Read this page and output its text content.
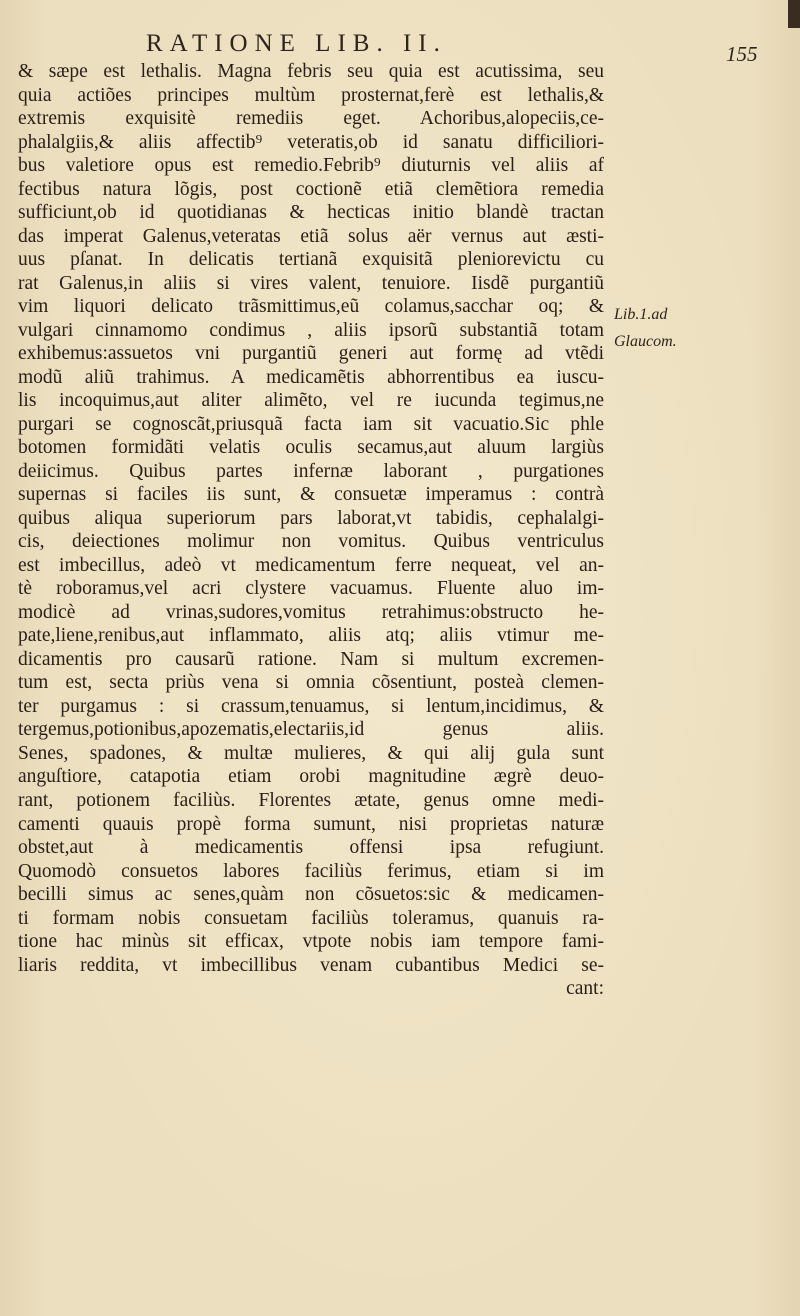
RATIONE LIB. II.	155
& sæpe est lethalis. Magna febris seu quia est acutissima, seu
quia actiões principes multùm prosternat,ferè est lethalis,&
extremis exquisitè remediis eget. Achoribus,alopeciis,ce-
phalalgiis,& aliis affectib⁹ veteratis,ob id sanatu difficiliori-
bus valetiore opus est remedio.Febrib⁹ diuturnis vel aliis af
fectibus natura lõgis, post coctionẽ etiã clemẽtiora remedia
sufficiunt,ob id quotidianas & hecticas initio blandè tractan
das imperat Galenus,veteratas etiã solus aër vernus aut æsti-
uus pſanat. In delicatis tertianã exquisitã pleniorevictu cu
rat Galenus,in aliis si vires valent, tenuiore. Iisdẽ purgantiũ
vim liquori delicato trãsmittimus,eũ colamus,sacchar oq; &
vulgari cinnamomo condimus , aliis ipsorũ substantiã totam
exhibemus:assuetos vni purgantiũ generi aut formę ad vtẽdi
modũ aliũ trahimus. A medicamẽtis abhorrentibus ea iuscu-
lis incoquimus,aut aliter alimẽto, vel re iucunda tegimus,ne
purgari se cognoscãt,priusquã facta iam sit vacuatio.Sic phle
botomen formidãti velatis oculis secamus,aut aluum largiùs
deiicimus. Quibus partes infernæ laborant , purgationes
supernas si faciles iis sunt, & consuetæ imperamus : contrà
quibus aliqua superiorum pars laborat,vt tabidis, cephalalgi-
cis, deiectiones molimur non vomitus. Quibus ventriculus
est imbecillus, adeò vt medicamentum ferre nequeat, vel an-
tè roboramus,vel acri clystere vacuamus. Fluente aluo im-
modicè ad vrinas,sudores,vomitus retrahimus:obstructo he-
pate,liene,renibus,aut inflammato, aliis atq; aliis vtimur me-
dicamentis pro causarũ ratione. Nam si multum excremen-
tum est, secta priùs vena si omnia cõsentiunt, posteà clemen-
ter purgamus : si crassum,tenuamus, si lentum,incidimus, &
tergemus,potionibus,apozematis,electariis,id genus aliis.
Senes, spadones, & multæ mulieres, & qui alij gula sunt
anguſtiore, catapotia etiam orobi magnitudine ægrè deuo-
rant, potionem faciliùs. Florentes ætate, genus omne medi-
camenti quauis propè forma sumunt, nisi proprietas naturæ
obstet,aut à medicamentis offensi ipsa refugiunt.
Quomodò consuetos labores faciliùs ferimus, etiam si im
becilli simus ac senes,quàm non cõsuetos:sic & medicamen-
ti formam nobis consuetam faciliùs toleramus, quanuis ra-
tione hac minùs sit efficax, vtpote nobis iam tempore fami-
liaris reddita, vt imbecillibus venam cubantibus Medici se-
cant:
Lib.1.ad
Glaucom.
